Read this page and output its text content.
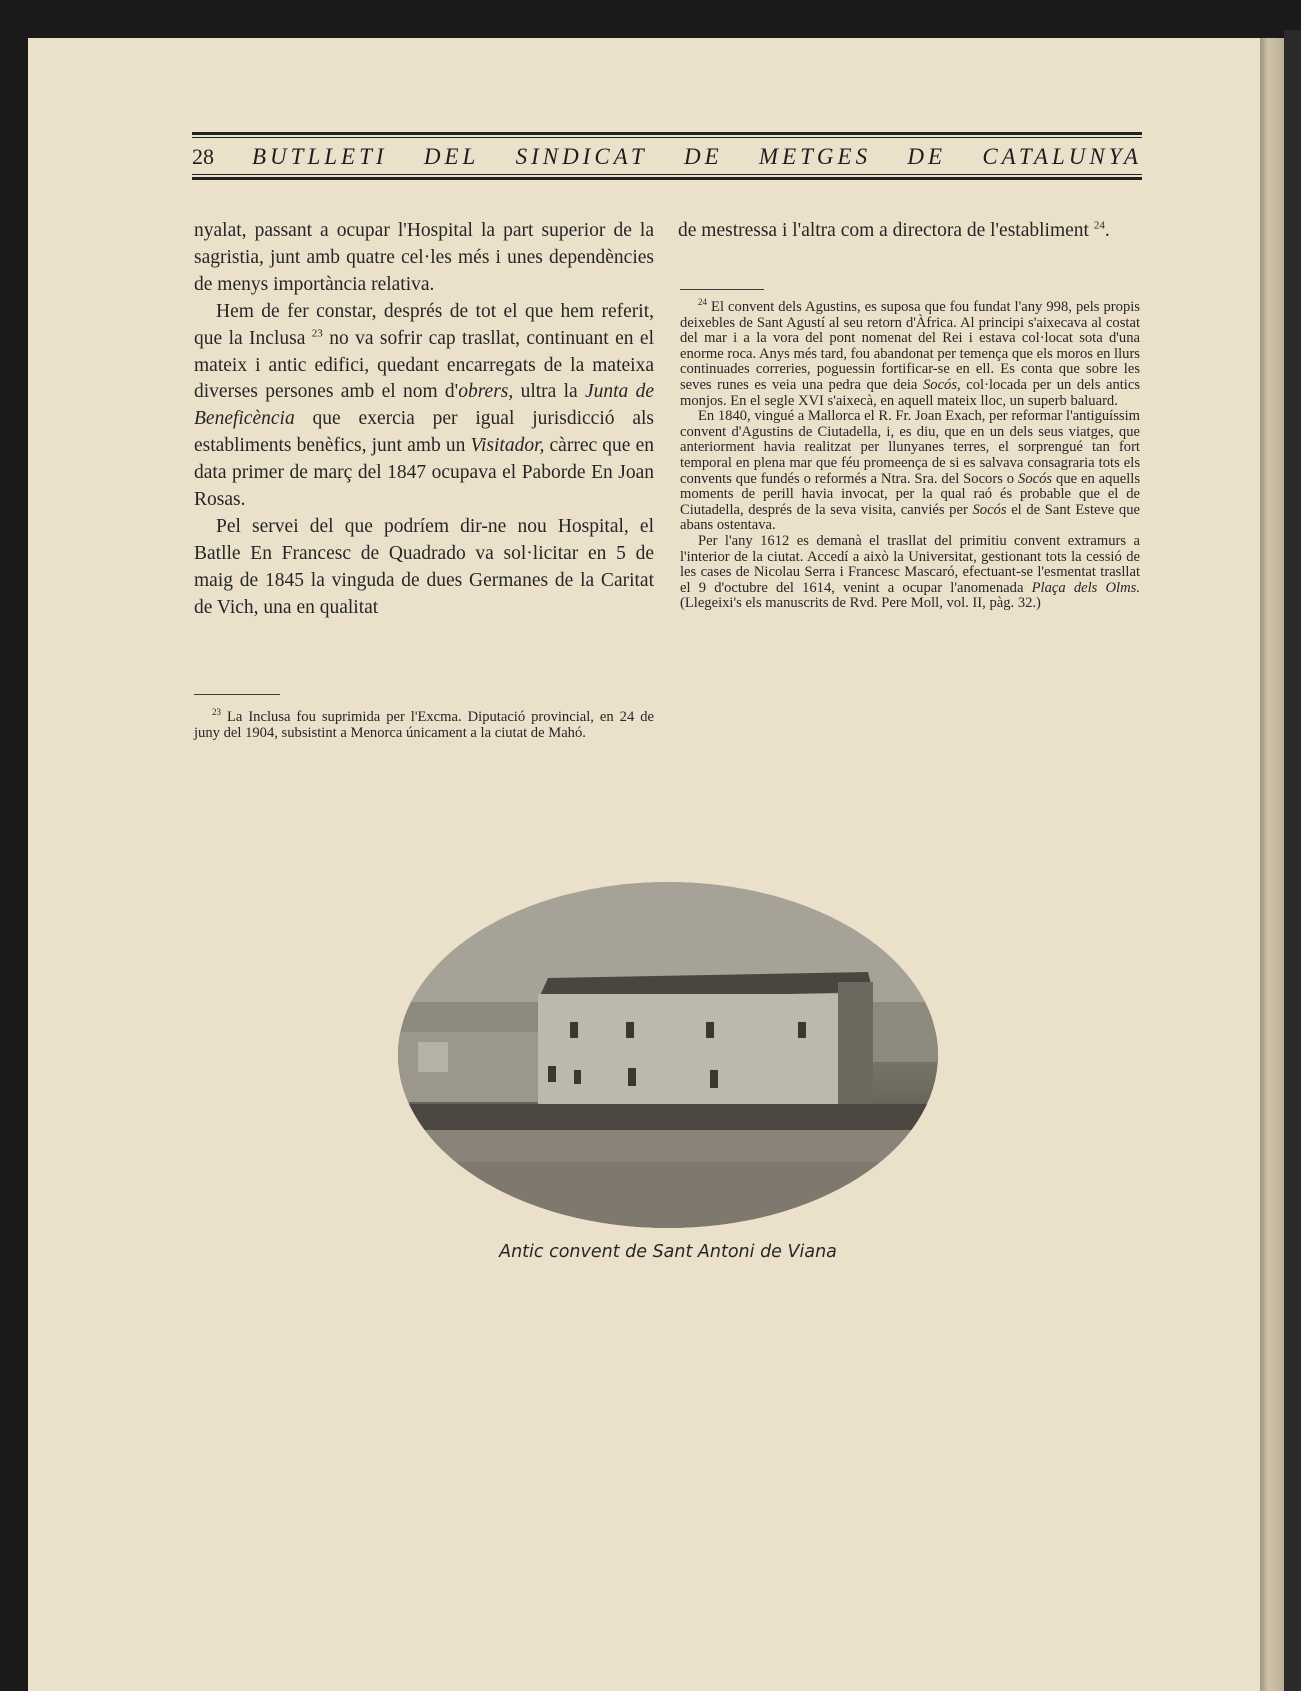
28 BUTLLETI DEL SINDICAT DE METGES DE CATALUNYA

nyalat, passant a ocupar l'Hospital la part superior de la sagristia, junt amb quatre cel·les més i unes dependències de menys importància relativa.

Hem de fer constar, després de tot el que hem referit, que la Inclusa $^{23}$ no va sofrir cap trasllat, continuant en el mateix i antic edifici, quedant encarregats de la mateixa diverses persones amb el nom d'obrers, ultra la Junta de Beneficència que exercia per igual jurisdicció als establiments benèfics, junt amb un Visitador, càrrec que en data primer de març del 1847 ocupava el Paborde En Joan Rosas.

Pel servei del que podríem dir-ne nou Hospital, el Batlle En Francesc de Quadrado va sol·licitar en 5 de maig de 1845 la vinguda de dues Germanes de la Caritat de Vich, una en qualitat

$^{23}$ La Inclusa fou suprimida per l'Excma. Diputació provincial, en 24 de juny del 1904, subsistint a Menorca únicament a la ciutat de Mahó.

de mestressa i l'altra com a directora de l'establiment $^{24}$.

$^{24}$ El convent dels Agustins, es suposa que fou fundat l'any 998, pels propis deixebles de Sant Agustí al seu retorn d'Àfrica. Al principi s'aixecava al costat del mar i a la vora del pont nomenat del Rei i estava col·locat sota d'una enorme roca. Anys més tard, fou abandonat per temença que els moros en llurs continuades correries, poguessin fortificar-se en ell. Es conta que sobre les seves runes es veia una pedra que deia Socós, col·locada per un dels antics monjos. En el segle XVI s'aixecà, en aquell mateix lloc, un superb baluard.

En 1840, vingué a Mallorca el R. Fr. Joan Exach, per reformar l'antiguíssim convent d'Agustins de Ciutadella, i, es diu, que en un dels seus viatges, que anteriorment havia realitzat per llunyanes terres, el sorprengué tan fort temporal en plena mar que féu promeença de si es salvava consagraria tots els convents que fundés o reformés a Ntra. Sra. del Socors o Socós que en aquells moments de perill havia invocat, per la qual raó és probable que el de Ciutadella, després de la seva visita, canviés per Socós el de Sant Esteve que abans ostentava.

Per l'any 1612 es demanà el trasllat del primitiu convent extramurs a l'interior de la ciutat. Accedí a això la Universitat, gestionant tots la cessió de les cases de Nicolau Serra i Francesc Mascaró, efectuant-se l'esmentat trasllat el 9 d'octubre del 1614, venint a ocupar l'anomenada Plaça dels Olms. (Llegeixi's els manuscrits de Rvd. Pere Moll, vol. II, pàg. 32.)

Antic convent de Sant Antoni de Viana
